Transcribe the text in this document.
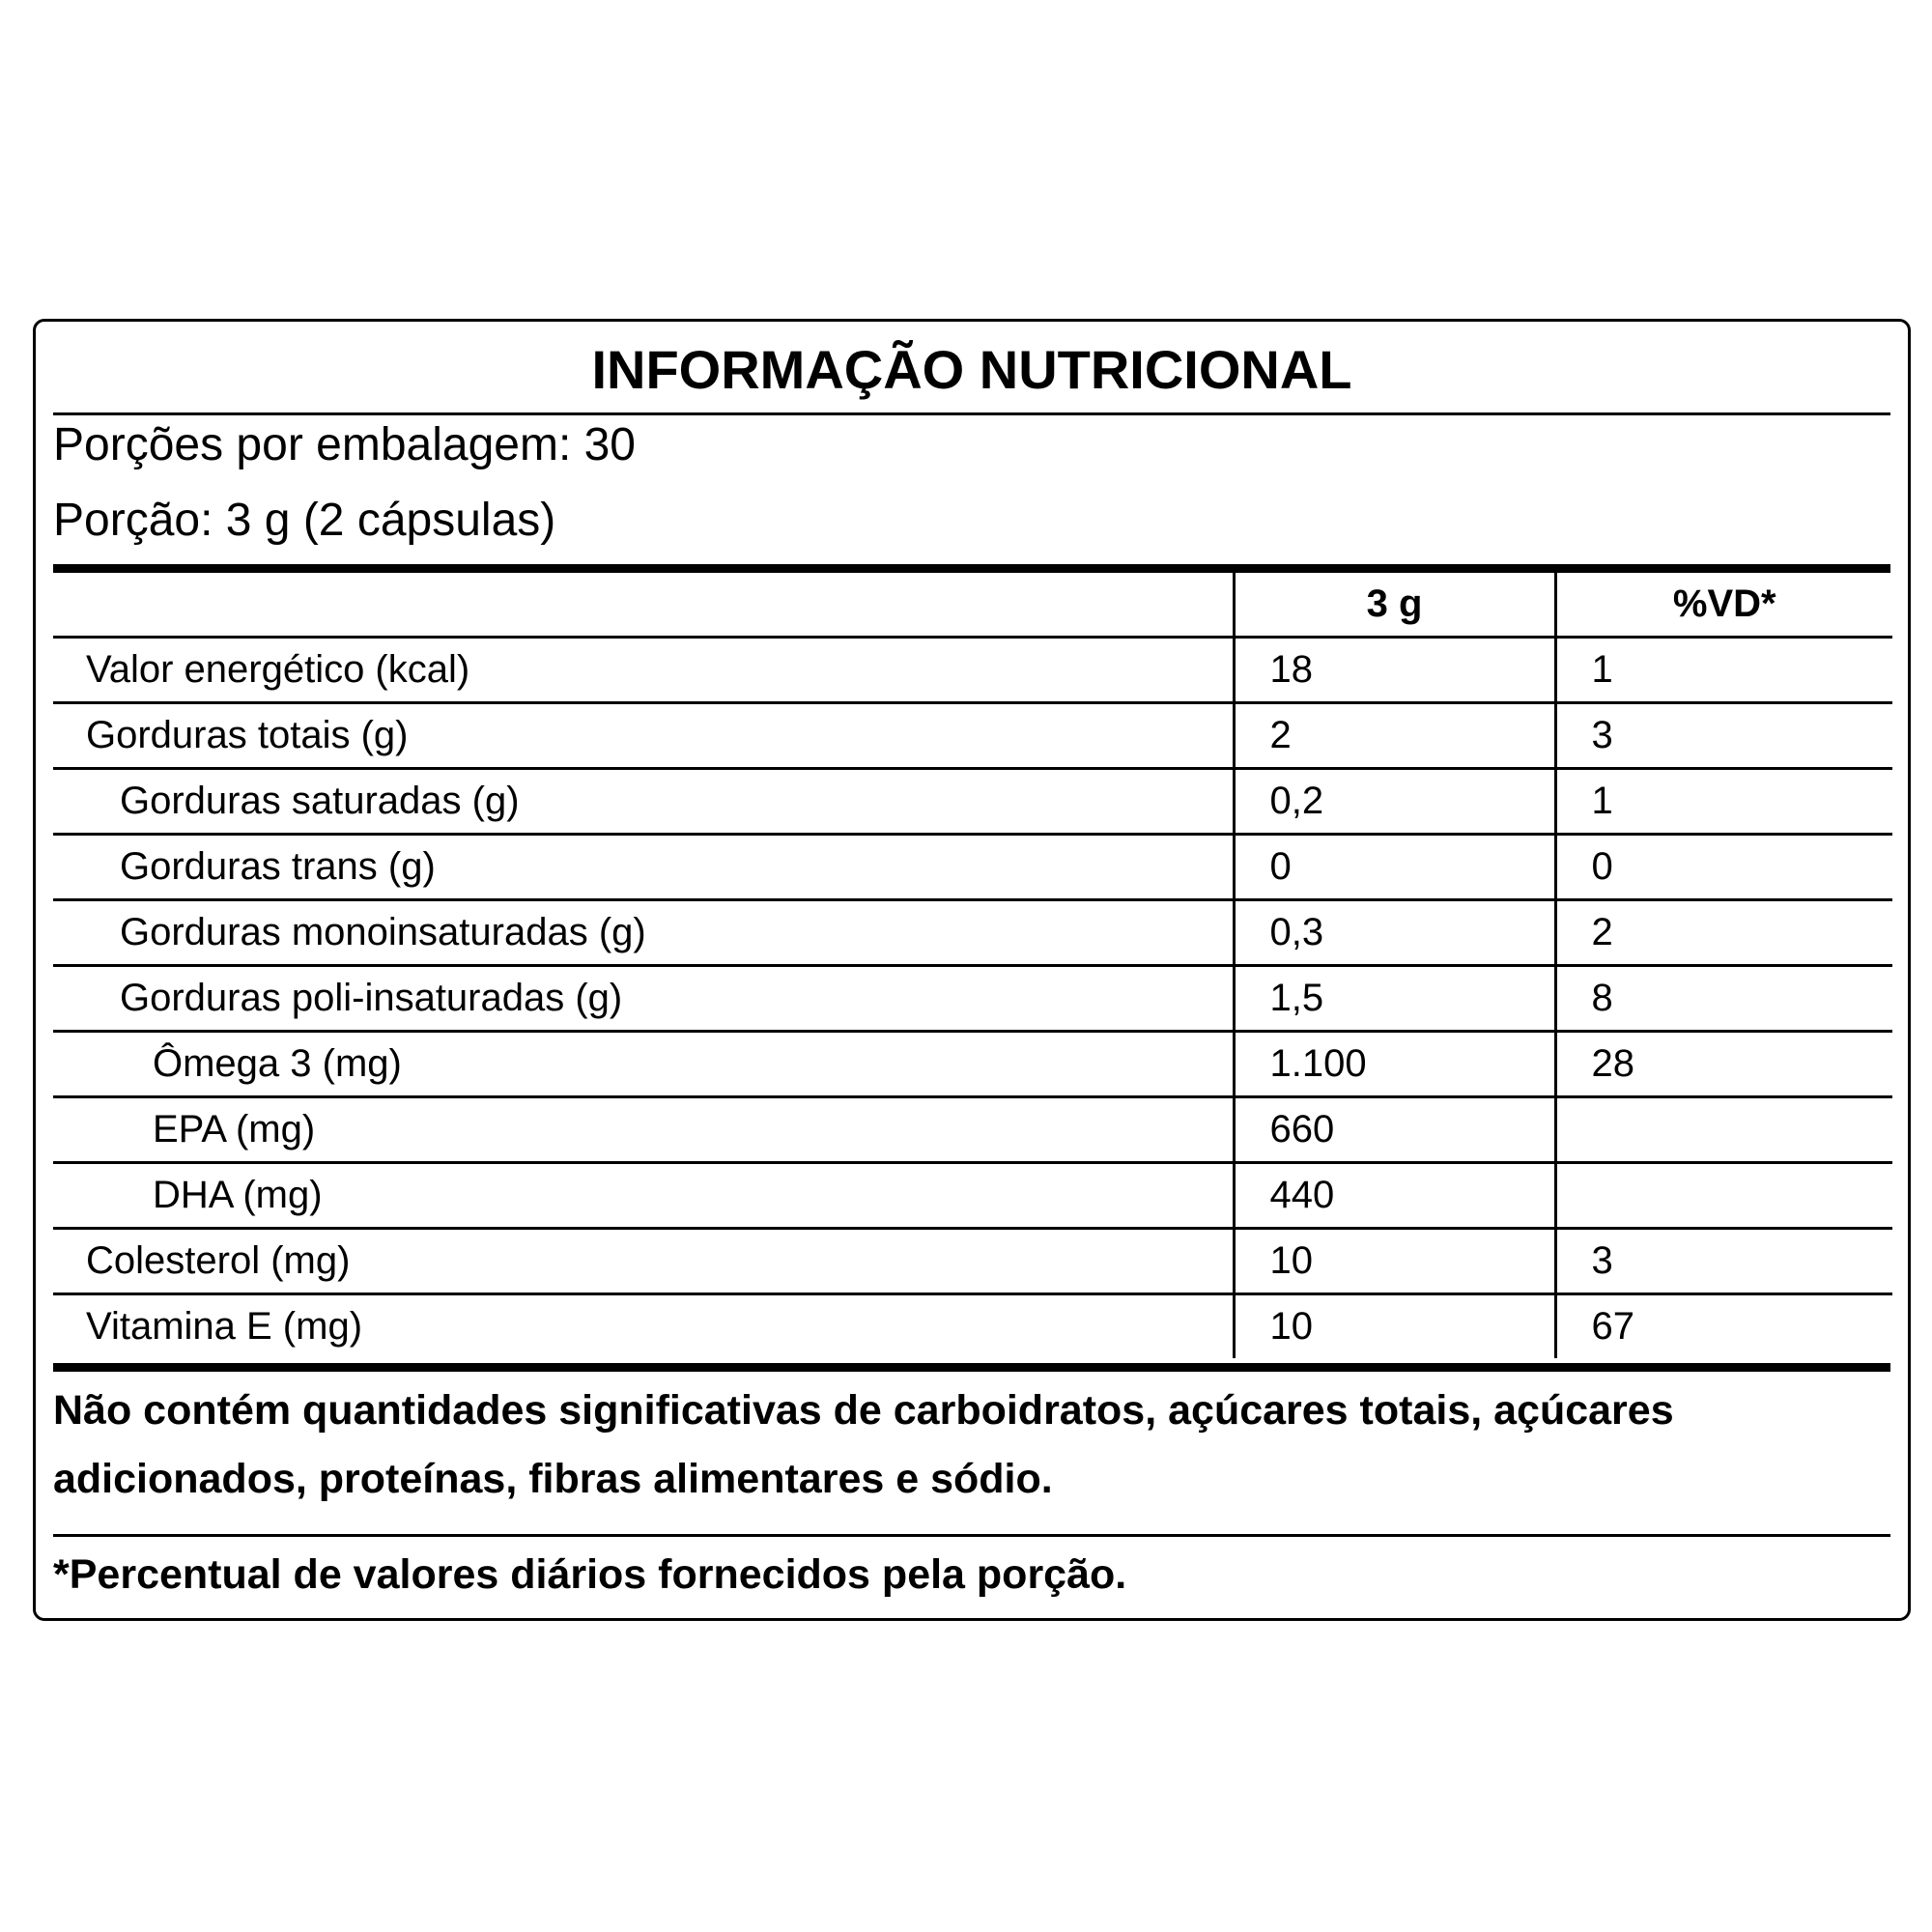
INFORMAÇÃO NUTRICIONAL
Porções por embalagem: 30
Porção: 3 g (2 cápsulas)
	3 g	%VD*
Valor energético (kcal)	18	1
Gorduras totais (g)	2	3
Gorduras saturadas (g)	0,2	1
Gorduras trans (g)	0	0
Gorduras monoinsaturadas (g)	0,3	2
Gorduras poli-insaturadas (g)	1,5	8
Ômega 3 (mg)	1.100	28
EPA (mg)	660	
DHA (mg)	440	
Colesterol (mg)	10	3
Vitamina E (mg)	10	67
Não contém quantidades significativas de carboidratos, açúcares totais, açúcares adicionados, proteínas, fibras alimentares e sódio.
*Percentual de valores diários fornecidos pela porção.
